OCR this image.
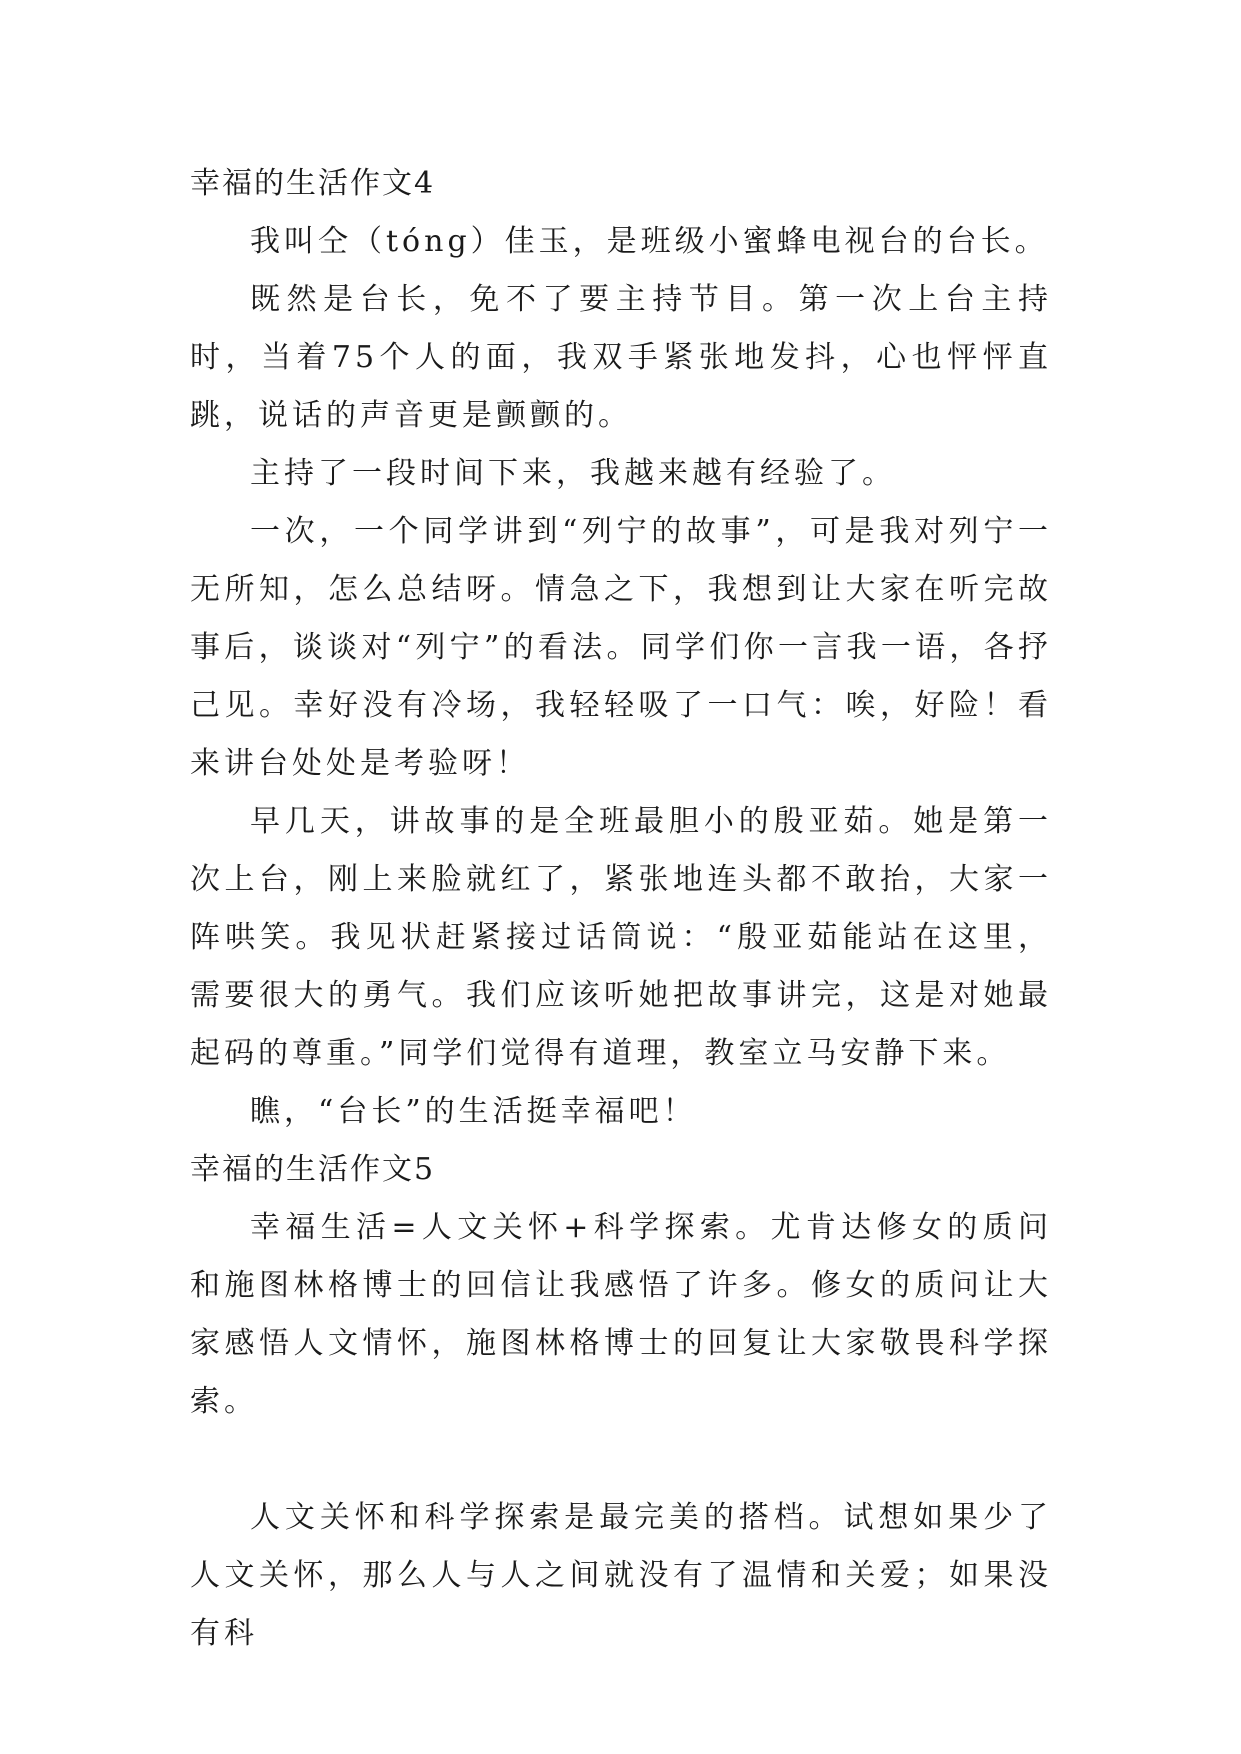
幸福的生活作文4

我叫仝（tóng）佳玉，是班级小蜜蜂电视台的台长。

既然是台长，免不了要主持节目。第一次上台主持时，当着75个人的面，我双手紧张地发抖，心也怦怦直跳，说话的声音更是颤颤的。

主持了一段时间下来，我越来越有经验了。

一次，一个同学讲到“列宁的故事”，可是我对列宁一无所知，怎么总结呀。情急之下，我想到让大家在听完故事后，谈谈对“列宁”的看法。同学们你一言我一语，各抒己见。幸好没有冷场，我轻轻吸了一口气：唉，好险！看来讲台处处是考验呀！

早几天，讲故事的是全班最胆小的殷亚茹。她是第一次上台，刚上来脸就红了，紧张地连头都不敢抬，大家一阵哄笑。我见状赶紧接过话筒说：“殷亚茹能站在这里，需要很大的勇气。我们应该听她把故事讲完，这是对她最起码的尊重。”同学们觉得有道理，教室立马安静下来。

瞧，“台长”的生活挺幸福吧！

幸福的生活作文5

幸福生活=人文关怀+科学探索。尤肯达修女的质问和施图林格博士的回信让我感悟了许多。修女的质问让大家感悟人文情怀，施图林格博士的回复让大家敬畏科学探索。

人文关怀和科学探索是最完美的搭档。试想如果少了人文关怀，那么人与人之间就没有了温情和关爱；如果没有科
